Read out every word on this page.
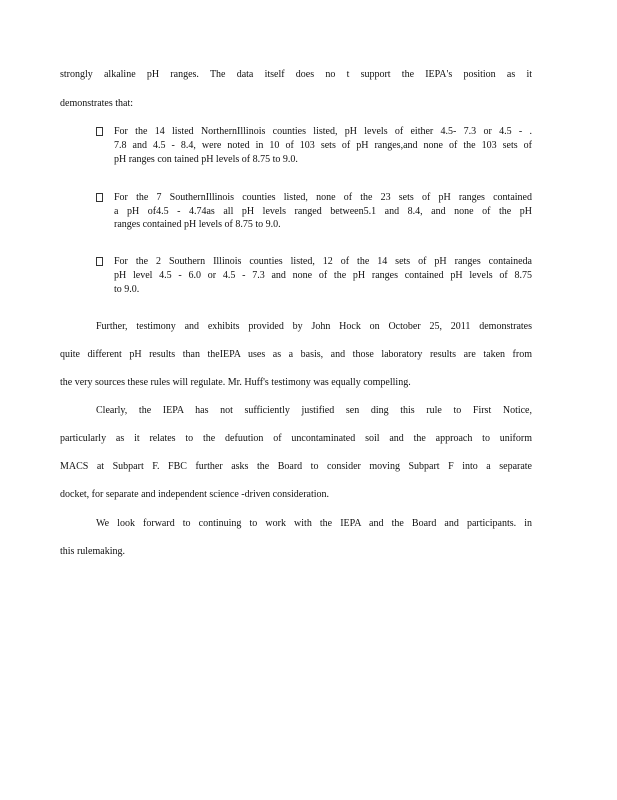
strongly alkaline pH ranges. The data itself does no t support the IEPA's position as it
demonstrates that:
For the 14 listed NorthernIllinois counties listed, pH levels of either 4.5- 7.3 or 4.5 - .
7.8 and 4.5 - 8.4, were noted in 10 of 103 sets of pH ranges,and none of the 103 sets of
pH ranges con tained pH levels of 8.75 to 9.0.
For the 7 SouthernIllinois counties listed, none of the 23 sets of pH ranges contained
a pH of4.5 - 4.74as all pH levels ranged between5.1 and 8.4, and none of the pH
ranges contained pH levels of 8.75 to 9.0.
For the 2 Southern Illinois counties listed, 12 of the 14 sets of pH ranges containeda
pH level 4.5 - 6.0 or 4.5 - 7.3 and none of the pH ranges contained pH levels of 8.75
to 9.0.
Further, testimony and exhibits provided by John Hock on October 25, 2011 demonstrates
quite different pH results than theIEPA uses as a basis, and those laboratory results are taken from
the very sources these rules will regulate. Mr. Huff's testimony was equally compelling.
Clearly, the IEPA has not sufficiently justified sen ding this rule to First Notice,
particularly as it relates to the defuution of uncontaminated soil and the approach to uniform
MACS at Subpart F. FBC further asks the Board to consider moving Subpart F into a separate
docket, for separate and independent science -driven consideration.
We look forward to continuing to work with the IEPA and the Board and participants. in
this rulemaking.
